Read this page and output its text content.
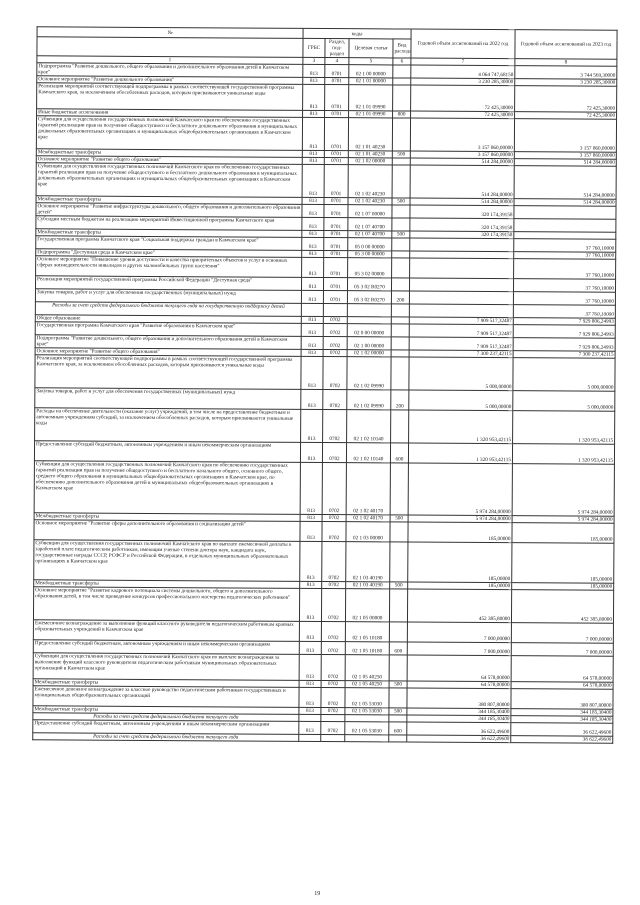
№	коды				Годовой объем ассигнований на 2022 год	Годовой объем ассигнований на 2023 год
	ГРБС	Раздел, под-раздел	Целевая статья	Вид расхода		
1	3	4	5	6	7	8
Подпрограмма "Развитие дошкольного, общего образования и дополнительного образования детей в Камчатском крае"	813	0701	02 1 00 00000		4 064 747,68158	3 744 569,30000
Основное мероприятие "Развитие дошкольного образования"	813	0701	02 1 01 00000		3 230 285,30000	3 230 285,30000
Реализация мероприятий соответствующей подпрограммы в рамках соответствующей государственной программы Камчатского края, за исключением обособленных расходов, которым присваиваются уникальные коды	813	0701	02 1 01 09990		72 425,30000	72 425,30000
Иные бюджетные ассигнования	813	0701	02 1 01 09990	800	72 425,30000	72 425,30000
Субвенции для осуществления государственных полномочий Камчатского края по обеспечению государственных гарантий реализации прав на получение общедоступного и бесплатного дошкольного образования в муниципальных дошкольных образовательных организациях и муниципальных общеобразовательных организациях в Камчатском крае	813	0701	02 1 01 40230		3 157 860,00000	3 157 860,00000
Межбюджетные трансферты	813	0701	02 1 01 40230	500	3 157 860,00000	3 157 860,00000
Основное мероприятие "Развитие общего образования"	813	0701	02 1 02 00000		514 284,00000	514 284,00000
Субвенции для осуществления государственных полномочий Камчатского края по обеспечению государственных гарантий реализации прав на получение общедоступного и бесплатного дошкольного образования в муниципальных дошкольных образовательных организациях и муниципальных общеобразовательных организациях в Камчатском крае	813	0701	02 1 02 40230		514 284,00000	514 284,00000
Межбюджетные трансферты	813	0701	02 1 02 40230	500	514 284,00000	514 284,00000
Основное мероприятие "Развитие инфраструктуры дошкольного, общего образования и дополнительного образования детей"	813	0701	02 1 07 00000		320 174,39158	
Субсидии местным бюджетам на реализацию мероприятий Инвестиционной программы Камчатского края	813	0701	02 1 07 40700		320 174,39158	
Межбюджетные трансферты	813	0701	02 1 07 40700	500	320 174,39158	
Государственная программа Камчатского края "Социальная поддержка граждан в Камчатском крае"	813	0701	05 0 00 00000			37 760,10000
Подпрограмма "Доступная среда в Камчатском крае"	813	0701	05 3 00 00000			37 760,10000
Основное мероприятие "Повышение уровня доступности и качества приоритетных объектов и услуг в основных сферах жизнедеятельности инвалидов и других маломобильных групп населения"	813	0701	05 3 02 00000			37 760,10000
Реализация мероприятий государственной программы Российской Федерации "Доступная среда"	813	0701	05 3 02 R0270			37 760,10000
Закупка товаров, работ и услуг для обеспечения государственных (муниципальных) нужд	813	0701	05 3 02 R0270	200		37 760,10000
Расходы за счет средств федерального бюджета текущего года на государственную поддержку детей						37 760,10000
Общее образование	813	0702			7 909 517,32487	7 929 806,24993
Государственная программа Камчатского края "Развитие образования в Камчатском крае"	813	0702	02 0 00 00000		7 909 517,32487	7 929 806,24993
Подпрограмма "Развитие дошкольного, общего образования и дополнительного образования детей в Камчатском крае"	813	0702	02 1 00 00000		7 909 517,32487	7 929 806,24993
Основное мероприятие "Развитие общего образования"	813	0702	02 1 02 00000		7 300 237,42115	7 300 237,42115
Реализация мероприятий соответствующей подпрограммы в рамках соответствующей государственной программы Камчатского края, за исключением обособленных расходов, которым присваиваются уникальные коды	813	0702	02 1 02 09990		5 000,00000	5 000,00000
Закупка товаров, работ и услуг для обеспечения государственных (муниципальных) нужд	813	0702	02 1 02 09990	200	5 000,00000	5 000,00000
Расходы на обеспечение деятельности (оказание услуг) учреждений, в том числе на предоставление бюджетным и автономным учреждениям субсидий, за исключением обособленных расходов, которым присваиваются уникальные коды	813	0702	02 1 02 10140		1 320 953,42115	1 320 953,42115
Предоставление субсидий бюджетным, автономным учреждениям и иным некоммерческим организациям	813	0702	02 1 02 10140	600	1 320 953,42115	1 320 953,42115
Субвенции для осуществления государственных полномочий Камчатского края по обеспечению государственных гарантий реализации прав на получение общедоступного и бесплатного начального общего, основного общего, среднего общего образования в муниципальных общеобразовательных организациях в Камчатском крае, по обеспечению дополнительного образования детей в муниципальных общеобразовательных организациях в Камчатском крае	813	0702	02 1 02 40170		5 974 284,00000	5 974 284,00000
Межбюджетные трансферты	813	0702	02 1 02 40170	500	5 974 284,00000	5 974 284,00000
Основное мероприятие "Развитие сферы дополнительного образования и социализации детей"	813	0702	02 1 03 00000		185,00000	185,00000
Субвенции для осуществления государственных полномочий Камчатского края по выплате ежемесячной доплаты к заработной плате педагогическим работникам, имеющим ученые степени доктора наук, кандидата наук, государственные награды СССР, РСФСР и Российской Федерации, в отдельных муниципальных образовательных организациях в Камчатском крае	813	0702	02 1 03 40190		185,00000	185,00000
Межбюджетные трансферты	813	0702	02 1 03 40190	500	185,00000	185,00000
Основное мероприятие "Развитие кадрового потенциала системы дошкольного, общего и дополнительного образования детей, в том числе проведение конкурсов профессионального мастерства педагогических работников"	813	0702	02 1 05 00000		452 385,80000	452 385,80000
Ежемесячное вознаграждение за выполнение функций классного руководителя педагогическим работникам краевых образовательных учреждений в Камчатском крае	813	0702	02 1 05 10180		7 000,00000	7 000,00000
Предоставление субсидий бюджетным, автономным учреждениям и иным некоммерческим организациям	813	0702	02 1 05 10180	600	7 000,00000	7 000,00000
Субвенции для осуществления государственных полномочий Камчатского края по выплате вознаграждения за выполнение функций классного руководителя педагогическим работникам муниципальных образовательных организаций в Камчатском крае	813	0702	02 1 05 40250		64 578,00000	64 578,00000
Межбюджетные трансферты	813	0702	02 1 05 40250	500	64 578,00000	64 578,00000
Ежемесячное денежное вознаграждение за классное руководство педагогическим работникам государственных и муниципальных общеобразовательных организаций	813	0702	02 1 05 53030		380 807,80000	380 807,80000
Межбюджетные трансферты	813	0702	02 1 05 53030	500	344 185,30400	344 185,30400
Расходы за счет средств федерального бюджета текущего года					344 185,30400	344 185,30400
Предоставление субсидий бюджетным, автономным учреждениям и иным некоммерческим организациям	813	0702	02 1 05 53030	600	36 622,49600	36 622,49600
Расходы за счет средств федерального бюджета текущего года					36 622,49600	36 622,49600
19
